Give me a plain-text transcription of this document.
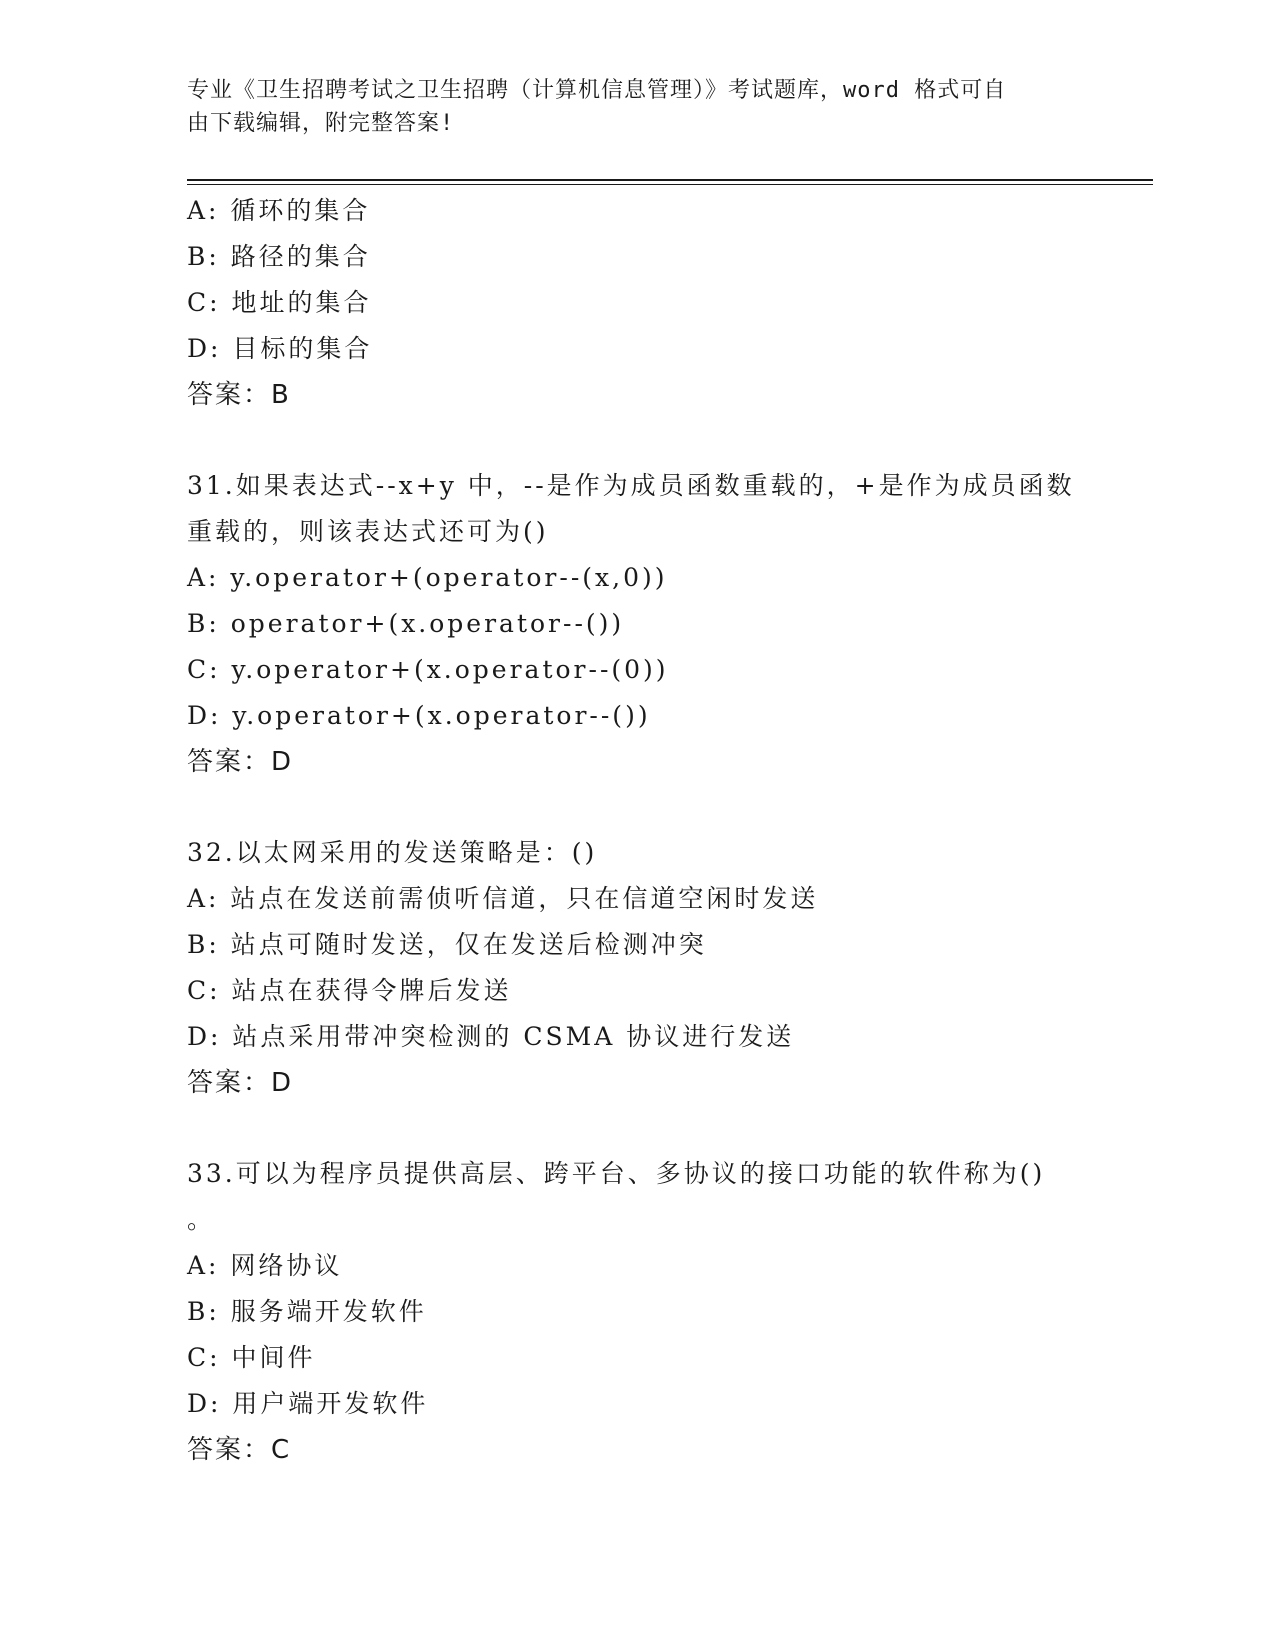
专业《卫生招聘考试之卫生招聘（计算机信息管理）》考试题库，word 格式可自
由下载编辑，附完整答案!
A: 循环的集合
B: 路径的集合
C: 地址的集合
D: 目标的集合
答案：B
31.如果表达式--x+y 中，--是作为成员函数重载的，+是作为成员函数
重载的，则该表达式还可为()
A: y.operator+(operator--(x,0))
B: operator+(x.operator--())
C: y.operator+(x.operator--(0))
D: y.operator+(x.operator--())
答案：D
32.以太网采用的发送策略是：()
A: 站点在发送前需侦听信道，只在信道空闲时发送
B: 站点可随时发送，仅在发送后检测冲突
C: 站点在获得令牌后发送
D: 站点采用带冲突检测的 CSMA 协议进行发送
答案：D
33.可以为程序员提供高层、跨平台、多协议的接口功能的软件称为()
。
A: 网络协议
B: 服务端开发软件
C: 中间件
D: 用户端开发软件
答案：C
